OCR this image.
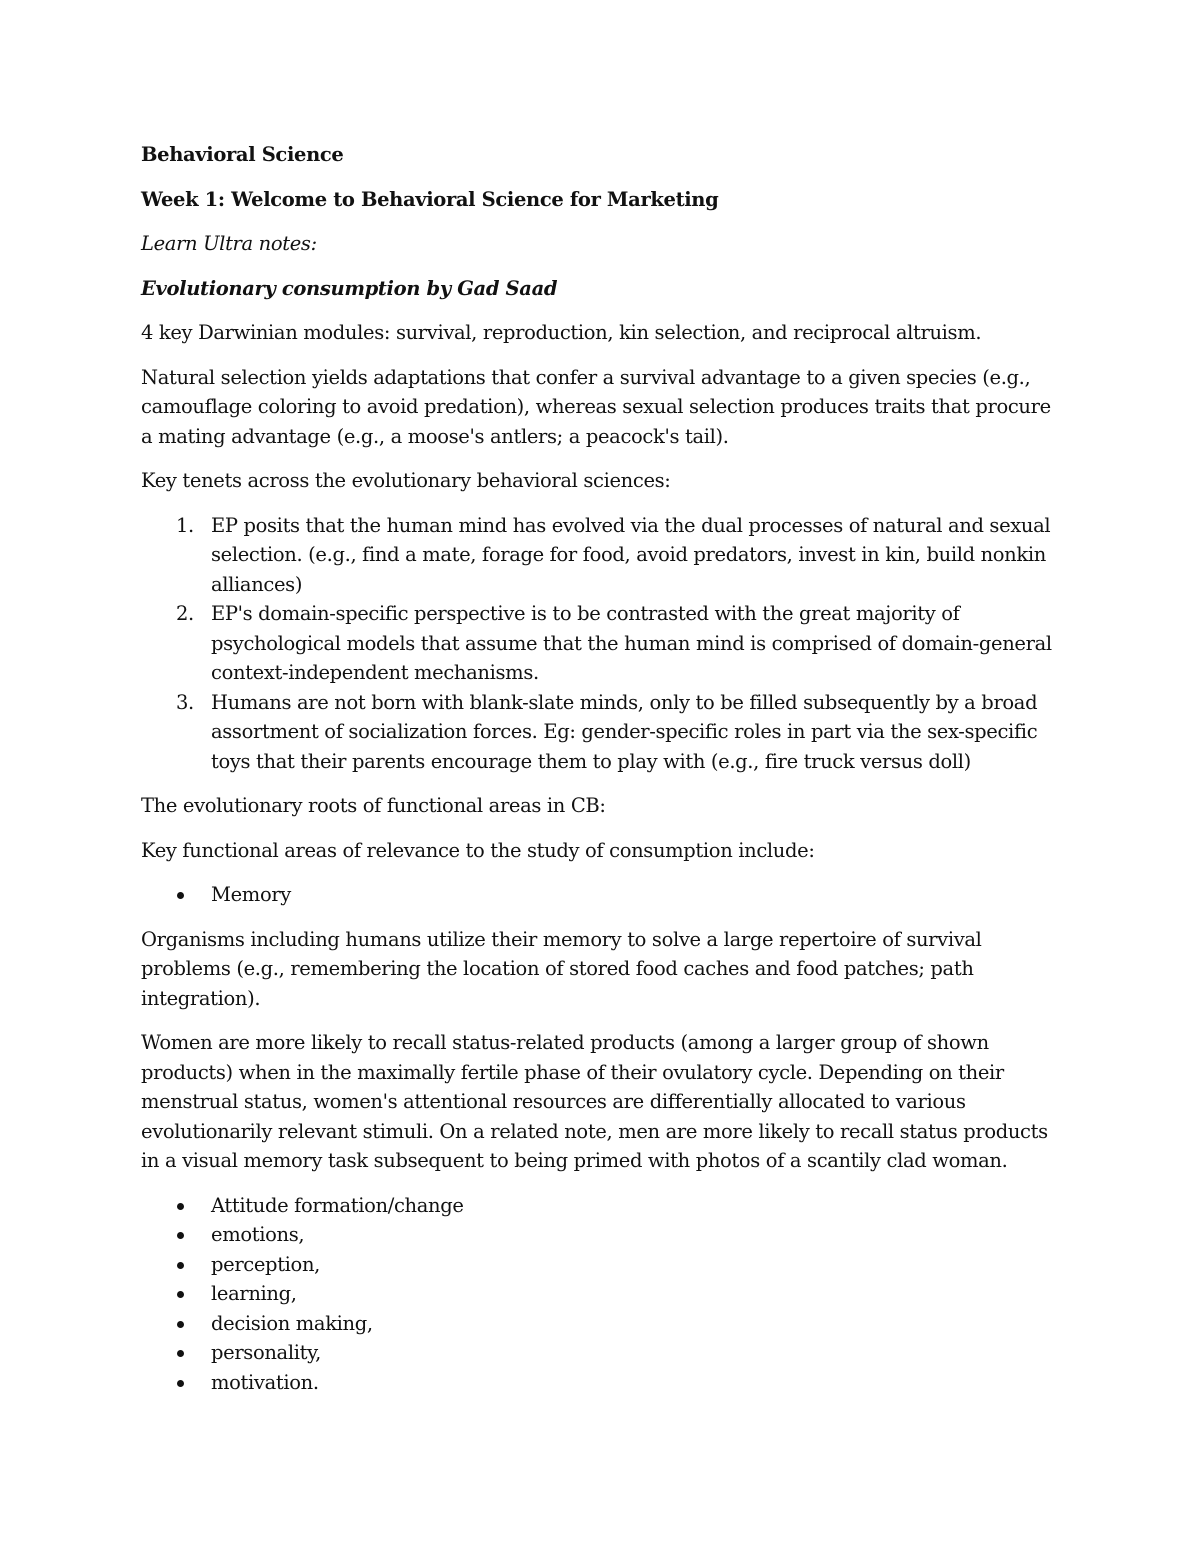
Behavioral Science

Week 1: Welcome to Behavioral Science for Marketing

Learn Ultra notes:

Evolutionary consumption by Gad Saad

4 key Darwinian modules: survival, reproduction, kin selection, and reciprocal altruism.

Natural selection yields adaptations that confer a survival advantage to a given species (e.g., camouflage coloring to avoid predation), whereas sexual selection produces traits that procure a mating advantage (e.g., a moose's antlers; a peacock's tail).

Key tenets across the evolutionary behavioral sciences:

1. EP posits that the human mind has evolved via the dual processes of natural and sexual selection. (e.g., find a mate, forage for food, avoid predators, invest in kin, build nonkin alliances)
2. EP's domain-specific perspective is to be contrasted with the great majority of psychological models that assume that the human mind is comprised of domain-general context-independent mechanisms.
3. Humans are not born with blank-slate minds, only to be filled subsequently by a broad assortment of socialization forces. Eg: gender-specific roles in part via the sex-specific toys that their parents encourage them to play with (e.g., fire truck versus doll)

The evolutionary roots of functional areas in CB:

Key functional areas of relevance to the study of consumption include:

Memory

Organisms including humans utilize their memory to solve a large repertoire of survival problems (e.g., remembering the location of stored food caches and food patches; path integration).

Women are more likely to recall status-related products (among a larger group of shown products) when in the maximally fertile phase of their ovulatory cycle. Depending on their menstrual status, women's attentional resources are differentially allocated to various evolutionarily relevant stimuli. On a related note, men are more likely to recall status products in a visual memory task subsequent to being primed with photos of a scantily clad woman.

Attitude formation/change
emotions,
perception,
learning,
decision making,
personality,
motivation.
